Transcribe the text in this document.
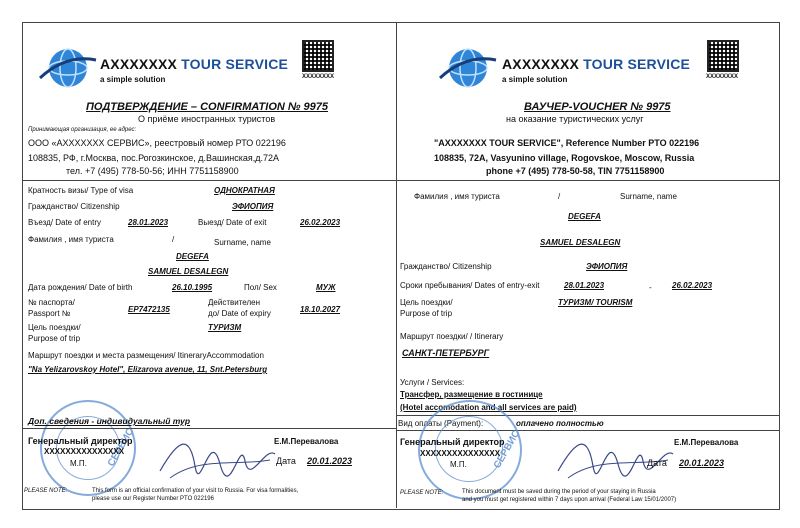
AXXXXXXX TOUR SERVICE
a simple solution	XXXXXXXX
ПОДТВЕРЖДЕНИЕ – CONFIRMATION № 9975
О приёме иностранных туристов
Принимающая организация, ее адрес:
ООО «AXXXXXXX СЕРВИС», реестровый номер РТО 022196
108835, РФ, г.Москва, пос.Рогозкинское, д.Вашинская,д.72А
тел. +7 (495) 778-50-56; ИНН 7751158900
AXXXXXXX TOUR SERVICE
a simple solution	XXXXXXXX
ВАУЧЕР-VOUCHER № 9975
на оказание туристических услуг
"AXXXXXXX TOUR SERVICE", Reference Number PTO 022196
108835, 72A, Vasyunino village, Rogovskoe, Moscow, Russia
phone +7 (495) 778-50-58, TIN 7751158900
Кратность визы/ Type of visa	ОДНОКРАТНАЯ
Гражданство/ Citizenship	ЭФИОПИЯ
Въезд/ Date of entry	28.01.2023	Выезд/ Date of exit	26.02.2023
Фамилия , имя туриста	/	Surname, name
DEGEFA
SAMUEL DESALEGN
Дата рождения/ Date of birth	26.10.1995	Пол/ Sex	МУЖ
№ паспорта/
Passport №	EP7472135
Действителен
до/ Date of expiry	18.10.2027
Цель поездки/
Purpose of trip
ТУРИЗМ
Маршрут поездки и места размещения/ ItineraryAccommodation
"Na Yelizarovskoy Hotel", Elizarova avenue, 11, Snt.Petersburg
СЕРВИС
Доп. сведения - индивидуальный тур
Генеральный директор	Е.М.Перевалова
XXXXXXXXXXXXXXX
М.П.	Дата 20.01.2023
PLEASE NOTE:	This form is an official confirmation of your visit to Russia. For visa formalities,
please use our Register Number PTO 022196
Фамилия , имя туриста	/	Surname, name
DEGEFA
SAMUEL DESALEGN
Гражданство/ Citizenship	ЭФИОПИЯ
Сроки пребывания/ Dates of entry-exit	28.01.2023	-	26.02.2023
Цель поездки/
Purpose of trip
ТУРИЗМ/ TOURISM
Маршрут поездки/ / Itinerary
САНКТ-ПЕТЕРБУРГ
Услуги / Services:
Трансфер, размещение в гостинице
(Hotel accomodation and all services are paid)
Вид оплаты (Payment):	оплачено полностью
СЕРВИС
Генеральный директор	Е.М.Перевалова
XXXXXXXXXXXXXXX
М.П.	Дата 20.01.2023
PLEASE NOTE:	This document must be saved during the period of your staying in Russia
and you must get registered within 7 days upon arrival (Federal Law 15/01/2007)
